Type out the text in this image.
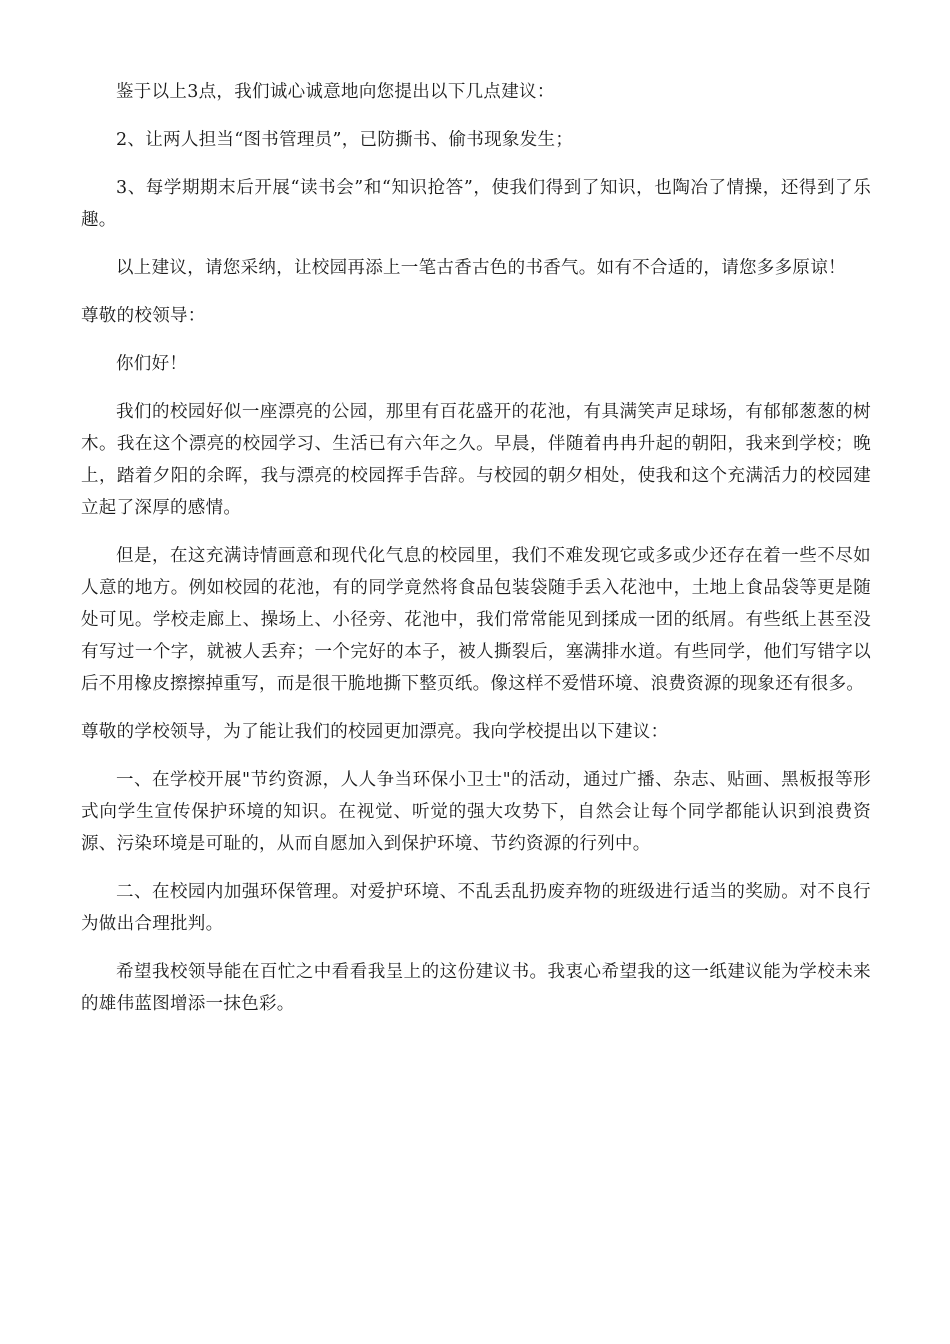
鉴于以上3点，我们诚心诚意地向您提出以下几点建议：

2、让两人担当“图书管理员”，已防撕书、偷书现象发生；

3、每学期期末后开展“读书会”和“知识抢答”，使我们得到了知识，也陶冶了情操，还得到了乐趣。

以上建议，请您采纳，让校园再添上一笔古香古色的书香气。如有不合适的，请您多多原谅！

尊敬的校领导：

你们好！

我们的校园好似一座漂亮的公园，那里有百花盛开的花池，有具满笑声足球场，有郁郁葱葱的树木。我在这个漂亮的校园学习、生活已有六年之久。早晨，伴随着冉冉升起的朝阳，我来到学校；晚上，踏着夕阳的余晖，我与漂亮的校园挥手告辞。与校园的朝夕相处，使我和这个充满活力的校园建立起了深厚的感情。

但是，在这充满诗情画意和现代化气息的校园里，我们不难发现它或多或少还存在着一些不尽如人意的地方。例如校园的花池，有的同学竟然将食品包装袋随手丢入花池中，土地上食品袋等更是随处可见。学校走廊上、操场上、小径旁、花池中，我们常常能见到揉成一团的纸屑。有些纸上甚至没有写过一个字，就被人丢弃；一个完好的本子，被人撕裂后，塞满排水道。有些同学，他们写错字以后不用橡皮擦擦掉重写，而是很干脆地撕下整页纸。像这样不爱惜环境、浪费资源的现象还有很多。

尊敬的学校领导，为了能让我们的校园更加漂亮。我向学校提出以下建议：

一、在学校开展"节约资源，人人争当环保小卫士"的活动，通过广播、杂志、贴画、黑板报等形式向学生宣传保护环境的知识。在视觉、听觉的强大攻势下，自然会让每个同学都能认识到浪费资源、污染环境是可耻的，从而自愿加入到保护环境、节约资源的行列中。

二、在校园内加强环保管理。对爱护环境、不乱丢乱扔废弃物的班级进行适当的奖励。对不良行为做出合理批判。

希望我校领导能在百忙之中看看我呈上的这份建议书。我衷心希望我的这一纸建议能为学校未来的雄伟蓝图增添一抹色彩。
